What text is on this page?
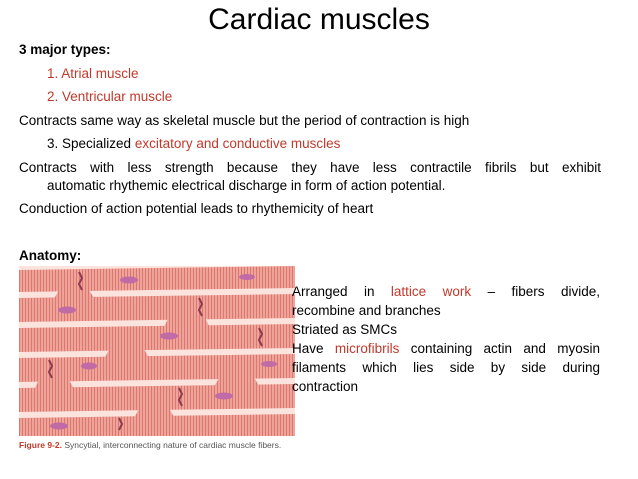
Cardiac muscles
3 major types:
1. Atrial muscle
2. Ventricular muscle
Contracts same way as skeletal muscle but the period of contraction is high
3. Specialized excitatory and conductive muscles
Contracts with less strength because they have less contractile fibrils but exhibit
automatic rhythemic electrical discharge in form of action potential.
Conduction of action potential leads to rhythemicity of heart
Anatomy:
Figure 9-2. Syncytial, interconnecting nature of cardiac muscle fibers.
Arranged in lattice work – fibers divide,
recombine and branches
Striated as SMCs
Have microfibrils containing actin and myosin
filaments which lies side by side during
contraction
